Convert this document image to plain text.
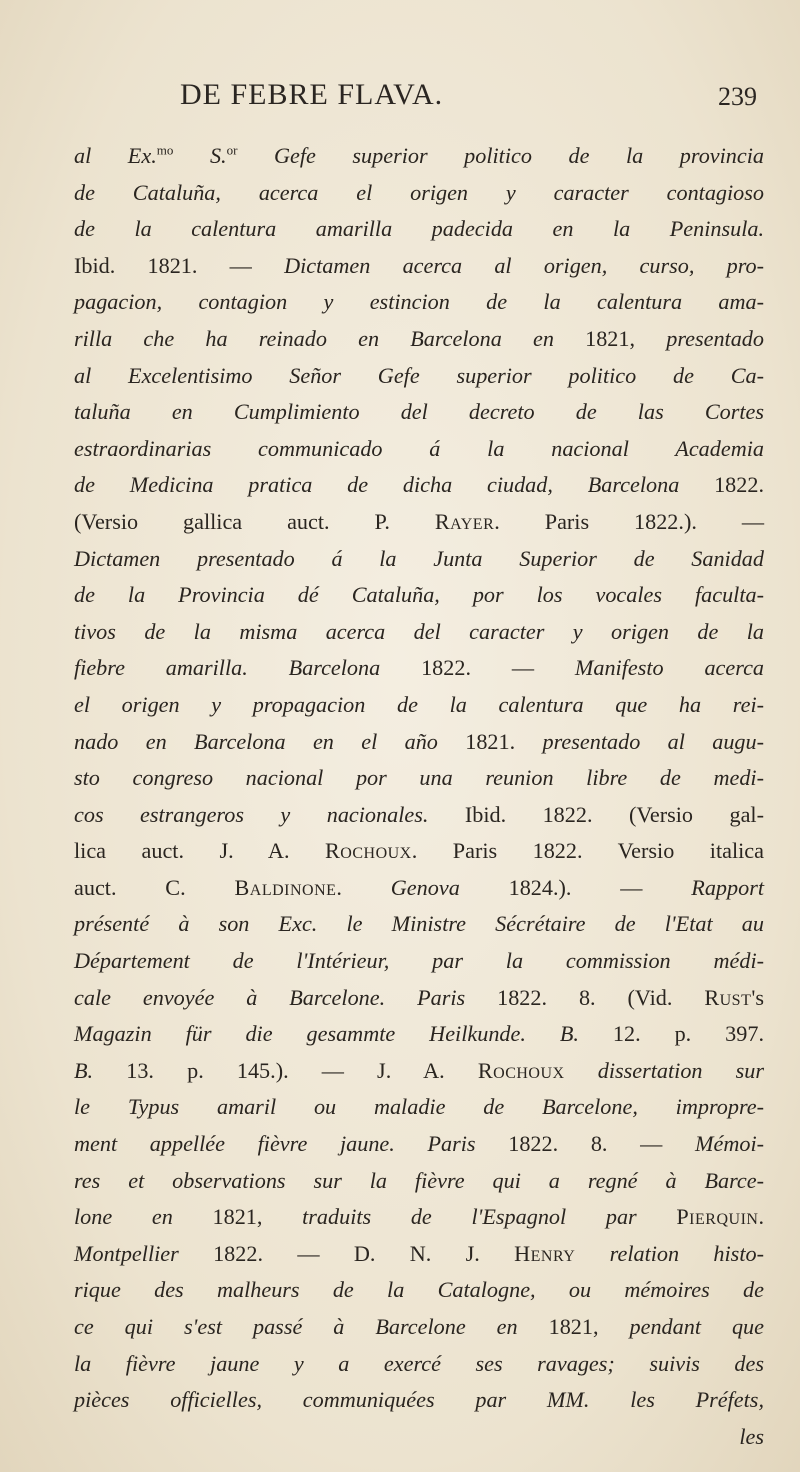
DE FEBRE FLAVA.	239
al Ex.$^{mo}$ S.$^{or}$ Gefe superior politico de la provincia
de Cataluña, acerca el origen y caracter contagioso
de la calentura amarilla padecida en la Peninsula.
Ibid. 1821. — Dictamen acerca al origen, curso, pro-
pagacion, contagion y estincion de la calentura ama-
rilla che ha reinado en Barcelona en 1821, presentado
al Excelentisimo Señor Gefe superior politico de Ca-
taluña en Cumplimiento del decreto de las Cortes
estraordinarias communicado á la nacional Academia
de Medicina pratica de dicha ciudad, Barcelona 1822.
(Versio gallica auct. P. Rayer. Paris 1822.). —
Dictamen presentado á la Junta Superior de Sanidad
de la Provincia dé Cataluña, por los vocales faculta-
tivos de la misma acerca del caracter y origen de la
fiebre amarilla. Barcelona 1822. — Manifesto acerca
el origen y propagacion de la calentura que ha rei-
nado en Barcelona en el año 1821. presentado al augu-
sto congreso nacional por una reunion libre de medi-
cos estrangeros y nacionales. Ibid. 1822. (Versio gal-
lica auct. J. A. Rochoux. Paris 1822. Versio italica
auct. C. Baldinone. Genova 1824.). — Rapport
présenté à son Exc. le Ministre Sécrétaire de l'Etat au
Département de l'Intérieur, par la commission médi-
cale envoyée à Barcelone. Paris 1822. 8. (Vid. Rust's
Magazin für die gesammte Heilkunde. B. 12. p. 397.
B. 13. p. 145.). — J. A. Rochoux dissertation sur
le Typus amaril ou maladie de Barcelone, impropre-
ment appellée fièvre jaune. Paris 1822. 8. — Mémoi-
res et observations sur la fièvre qui a regné à Barce-
lone en 1821, traduits de l'Espagnol par Pierquin.
Montpellier 1822. — D. N. J. Henry relation histo-
rique des malheurs de la Catalogne, ou mémoires de
ce qui s'est passé à Barcelone en 1821, pendant que
la fièvre jaune y a exercé ses ravages; suivis des
pièces officielles, communiquées par MM. les Préfets,
les
